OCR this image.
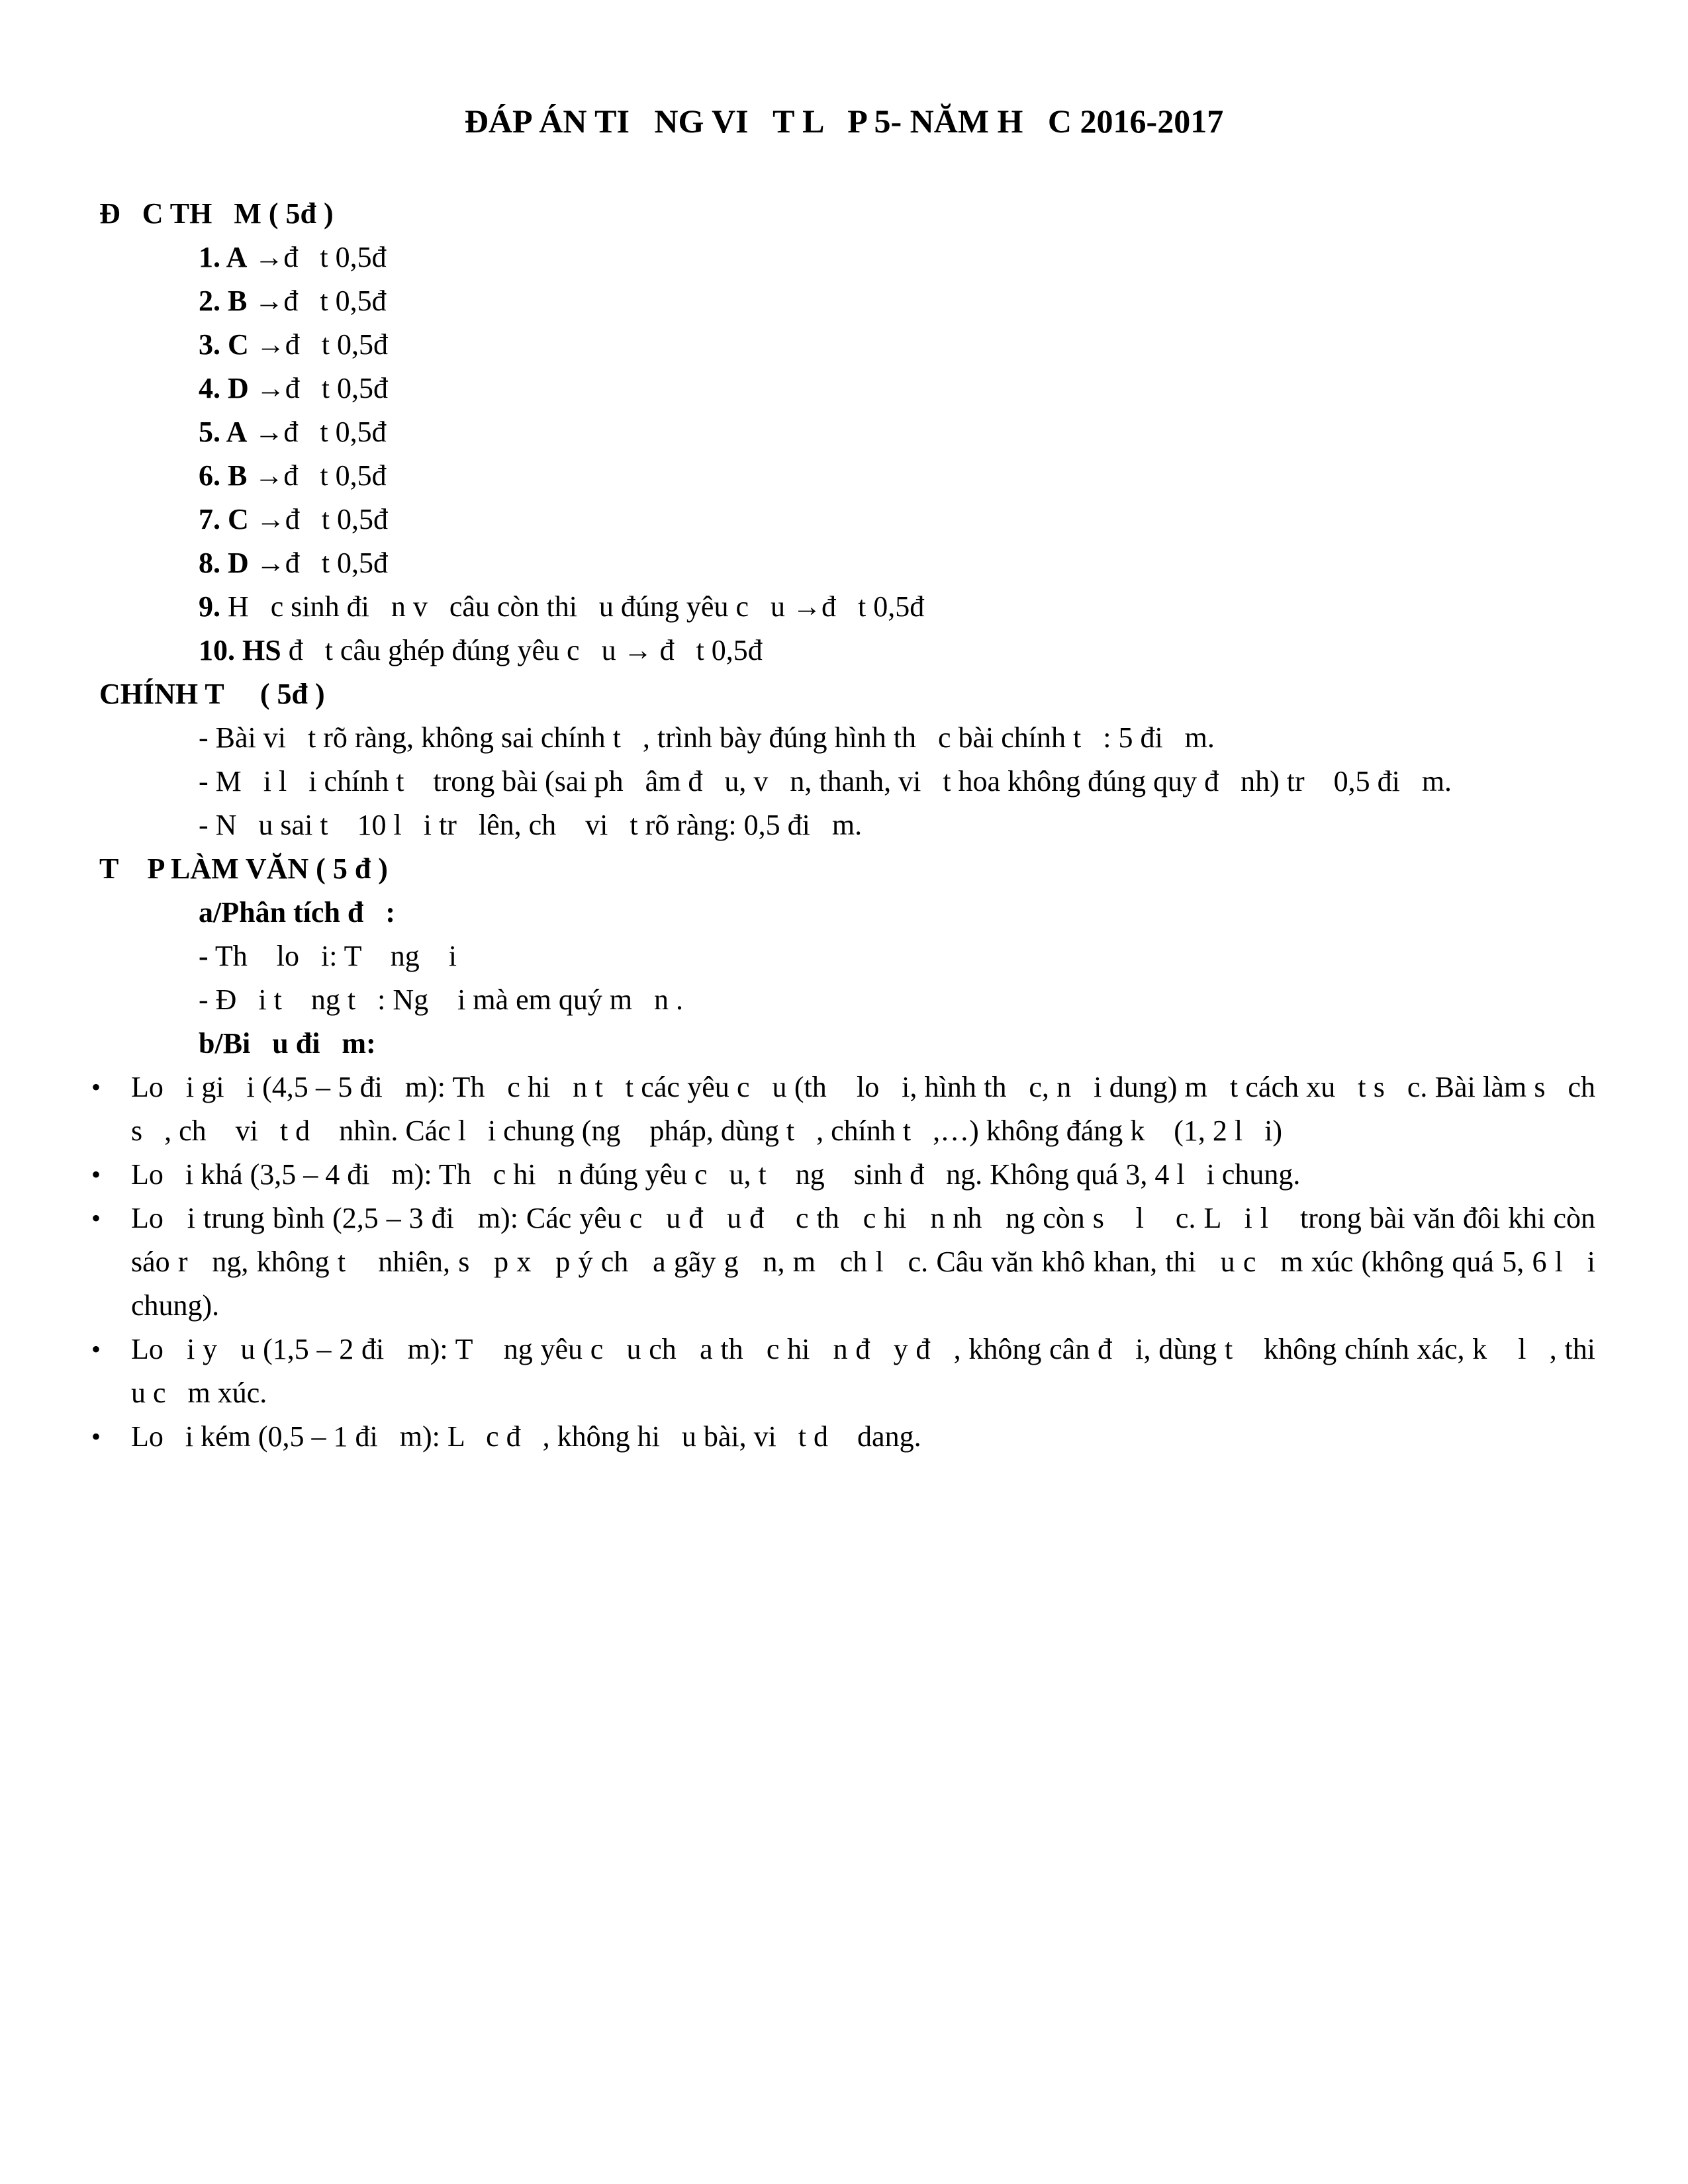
ĐÁP ÁN TI   NG VI   T L   P 5- NĂM H   C 2016-2017
Đ   C TH   M ( 5đ )
1. A →đ   t 0,5đ
2. B →đ   t 0,5đ
3. C →đ   t 0,5đ
4. D →đ   t 0,5đ
5. A →đ   t 0,5đ
6. B →đ   t 0,5đ
7. C →đ   t 0,5đ
8. D →đ   t 0,5đ
9. H   c sinh đi   n v   câu còn thi   u đúng yêu c   u →đ   t 0,5đ
10. HS đ   t câu ghép đúng yêu c   u → đ   t 0,5đ
CHÍNH T     ( 5đ )
- Bài vi   t rõ ràng, không sai chính t   , trình bày đúng hình th   c bài chính t   : 5 đi   m.
- M   i l   i chính t    trong bài (sai ph   âm đ   u, v   n, thanh, vi   t hoa không đúng quy đ   nh) tr    0,5 đi   m.
- N   u sai t    10 l   i tr   lên, ch    vi   t rõ ràng: 0,5 đi   m.
T    P LÀM VĂN ( 5 đ )
a/Phân tích đ   :
- Th    lo   i: T    ng    i
- Đ   i t    ng t   : Ng    i mà em quý m   n .
b/Bi   u đi   m:
• Lo   i gi   i (4,5 – 5 đi   m): Th   c hi   n t   t các yêu c   u (th    lo   i, hình th   c, n   i dung) m   t cách xu   t s   c. Bài làm s   ch s   , ch    vi   t d    nhìn. Các l   i chung (ng    pháp, dùng t   , chính t   ,…) không đáng k    (1, 2 l   i)
• Lo   i khá (3,5 – 4 đi   m): Th   c hi   n đúng yêu c   u, t    ng    sinh đ   ng. Không quá 3, 4 l   i chung.
• Lo   i trung bình (2,5 – 3 đi   m): Các yêu c   u đ   u đ    c th   c hi   n nh   ng còn s    l    c. L   i l    trong bài văn đôi khi còn sáo r   ng, không t    nhiên, s   p x   p ý ch   a gãy g   n, m   ch l   c. Câu văn khô khan, thi   u c   m xúc (không quá 5, 6 l   i chung).
• Lo   i y   u (1,5 – 2 đi   m): T    ng yêu c   u ch   a th   c hi   n đ   y đ   , không cân đ   i, dùng t    không chính xác, k    l   , thi   u c   m xúc.
• Lo   i kém (0,5 – 1 đi   m): L   c đ   , không hi   u bài, vi   t d    dang.
